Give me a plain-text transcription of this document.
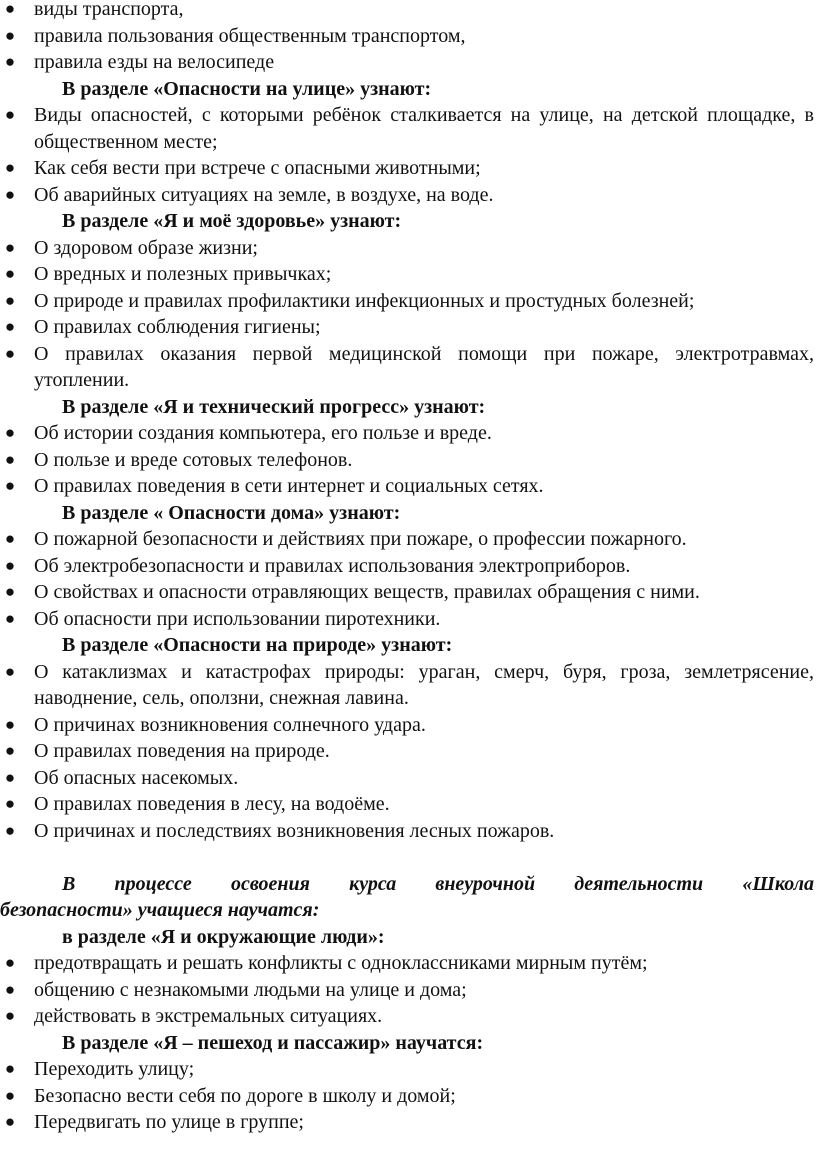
● виды транспорта,
● правила пользования общественным транспортом,
● правила езды на велосипеде
В разделе «Опасности на улице» узнают:
● Виды опасностей, с которыми ребёнок сталкивается на улице, на детской площадке, в общественном месте;
● Как себя вести при встрече с опасными животными;
● Об аварийных ситуациях на земле, в воздухе, на воде.
В разделе «Я и моё здоровье» узнают:
● О здоровом образе жизни;
● О вредных и полезных привычках;
● О природе и правилах профилактики инфекционных и простудных болезней;
● О правилах соблюдения гигиены;
● О правилах оказания первой медицинской помощи при пожаре, электротравмах, утоплении.
В разделе «Я и технический прогресс» узнают:
● Об истории создания компьютера, его пользе и вреде.
● О пользе и вреде сотовых телефонов.
● О правилах поведения в сети интернет и социальных сетях.
В разделе « Опасности дома» узнают:
● О пожарной безопасности и действиях при пожаре, о профессии пожарного.
● Об электробезопасности и правилах использования электроприборов.
● О свойствах и опасности отравляющих веществ, правилах обращения с ними.
● Об опасности при использовании пиротехники.
В разделе «Опасности на природе» узнают:
● О катаклизмах и катастрофах природы: ураган, смерч, буря, гроза, землетрясение, наводнение, сель, оползни, снежная лавина.
● О причинах возникновения солнечного удара.
● О правилах поведения на природе.
● Об опасных насекомых.
● О правилах поведения в лесу, на водоёме.
● О причинах и последствиях возникновения лесных пожаров.
В процессе освоения курса внеурочной деятельности «Школа
безопасности» учащиеся научатся:
в разделе «Я и окружающие люди»:
● предотвращать и решать конфликты с одноклассниками мирным путём;
● общению с незнакомыми людьми на улице и дома;
● действовать в экстремальных ситуациях.
В разделе «Я – пешеход и пассажир» научатся:
● Переходить улицу;
● Безопасно вести себя по дороге в школу и домой;
● Передвигать по улице в группе;
